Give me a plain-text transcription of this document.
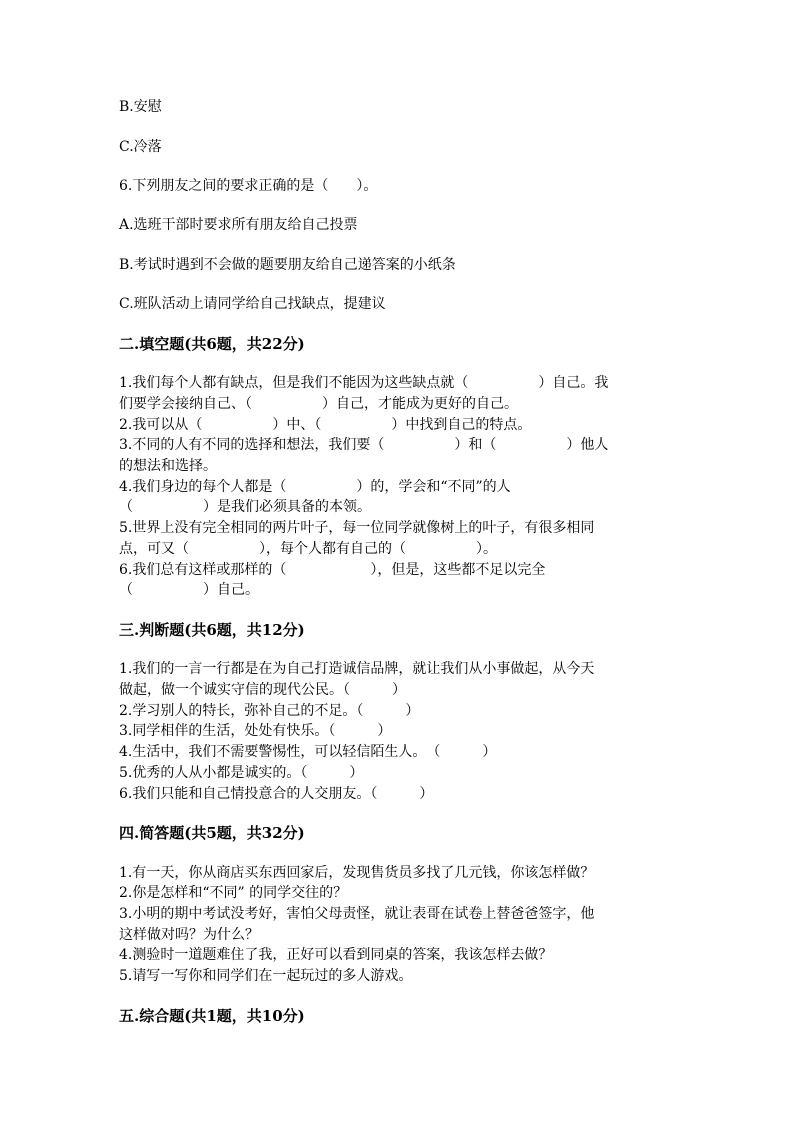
B.安慰
C.冷落
6.下列朋友之间的要求正确的是（　　）。
A.选班干部时要求所有朋友给自己投票
B.考试时遇到不会做的题要朋友给自己递答案的小纸条
C.班队活动上请同学给自己找缺点，提建议
二.填空题(共6题，共22分)
1.我们每个人都有缺点，但是我们不能因为这些缺点就（　　　　　）自己。我
们要学会接纳自己、（　　　　　）自己，才能成为更好的自己。
2.我可以从（　　　　　）中、（　　　　　）中找到自己的特点。
3.不同的人有不同的选择和想法，我们要（　　　　　）和（　　　　　）他人
的想法和选择。
4.我们身边的每个人都是（　　　　　）的，学会和“不同”的人
（　　　　　）是我们必须具备的本领。
5.世界上没有完全相同的两片叶子，每一位同学就像树上的叶子，有很多相同
点，可又（　　　　　），每个人都有自己的（　　　　　）。
6.我们总有这样或那样的（　　　　　　），但是，这些都不足以完全
（　　　　　）自己。
三.判断题(共6题，共12分)
1.我们的一言一行都是在为自己打造诚信品牌，就让我们从小事做起，从今天
做起，做一个诚实守信的现代公民。（　　　）
2.学习别人的特长，弥补自己的不足。（　　　）
3.同学相伴的生活，处处有快乐。（　　　）
4.生活中，我们不需要警惕性，可以轻信陌生人。　（　　　）
5.优秀的人从小都是诚实的。（　　　）
6.我们只能和自己情投意合的人交朋友。（　　　）
四.简答题(共5题，共32分)
1.有一天，你从商店买东西回家后，发现售货员多找了几元钱，你该怎样做？
2.你是怎样和“不同” 的同学交往的？
3.小明的期中考试没考好，害怕父母责怪，就让表哥在试卷上替爸爸签字，他
这样做对吗？为什么？
4.测验时一道题难住了我，正好可以看到同桌的答案，我该怎样去做？
5.请写一写你和同学们在一起玩过的多人游戏。
五.综合题(共1题，共10分)
